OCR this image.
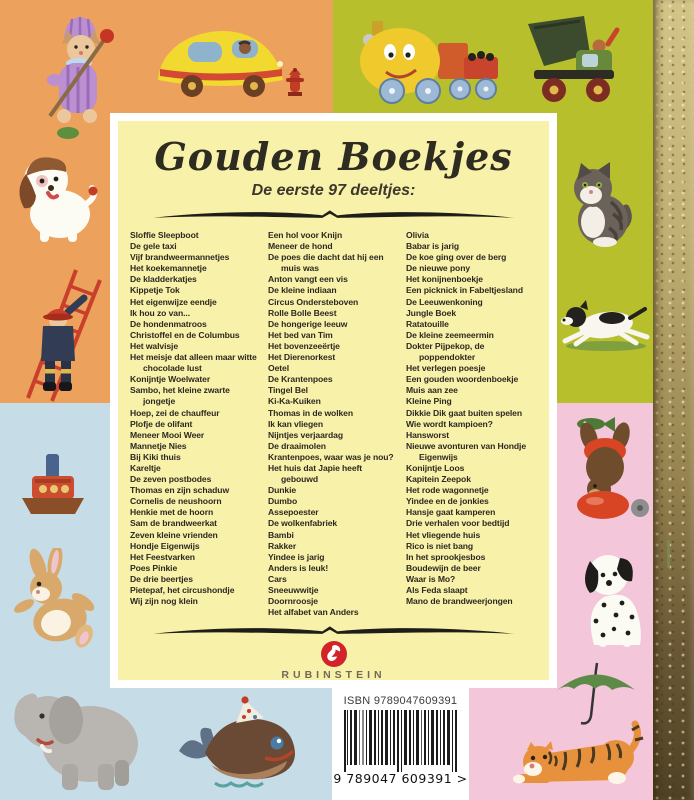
Gouden Boekjes
De eerste 97 deeltjes:
Sloffie Sleepboot
De gele taxi
Vijf brandweermannetjes
Het koekemannetje
De kladderkatjes
Kippetje Tok
Het eigenwijze eendje
Ik hou zo van...
De hondenmatroos
Christoffel en de Columbus
Het walvisje
Het meisje dat alleen maar witte chocolade lust
Konijntje Woelwater
Sambo, het kleine zwarte jongetje
Hoep, zei de chauffeur
Plofje de olifant
Meneer Mooi Weer
Mannetje Nies
Bij Kiki thuis
Kareltje
De zeven postbodes
Thomas en zijn schaduw
Cornelis de neushoorn
Henkie met de hoorn
Sam de brandweerkat
Zeven kleine vrienden
Hondje Eigenwijs
Het Feestvarken
Poes Pinkie
De drie beertjes
Pietepaf, het circushondje
Wij zijn nog klein
Een hol voor Knijn
Meneer de hond
De poes die dacht dat hij een muis was
Anton vangt een vis
De kleine indiaan
Circus Ondersteboven
Rolle Bolle Beest
De hongerige leeuw
Het bed van Tim
Het bovenzeeërtje
Het Dierenorkest
Oetel
De Krantenpoes
Tingel Bel
Ki-Ka-Kuiken
Thomas in de wolken
Ik kan vliegen
Nijntjes verjaardag
De draaimolen
Krantenpoes, waar was je nou?
Het huis dat Japie heeft gebouwd
Dunkie
Dumbo
Assepoester
De wolkenfabriek
Bambi
Rakker
Yindee is jarig
Anders is leuk!
Cars
Sneeuwwitje
Doornroosje
Het alfabet van Anders
Olivia
Babar is jarig
De koe ging over de berg
De nieuwe pony
Het konijnenboekje
Een picknick in Fabeltjesland
De Leeuwenkoning
Jungle Boek
Ratatouille
De kleine zeemeermin
Dokter Pijpekop, de poppendokter
Het verlegen poesje
Een gouden woordenboekje
Muis aan zee
Kleine Ping
Dikkie Dik gaat buiten spelen
Wie wordt kampioen?
Hansworst
Nieuwe avonturen van Hondje Eigenwijs
Konijntje Loos
Kapitein Zeepok
Het rode wagonnetje
Yindee en de jonkies
Hansje gaat kamperen
Drie verhalen voor bedtijd
Het vliegende huis
Rico is niet bang
In het sprookjesbos
Boudewijn de beer
Waar is Mo?
Als Feda slaapt
Mano de brandweerjongen
RUBINSTEIN
ISBN 9789047609391
9 789047 609391 >
